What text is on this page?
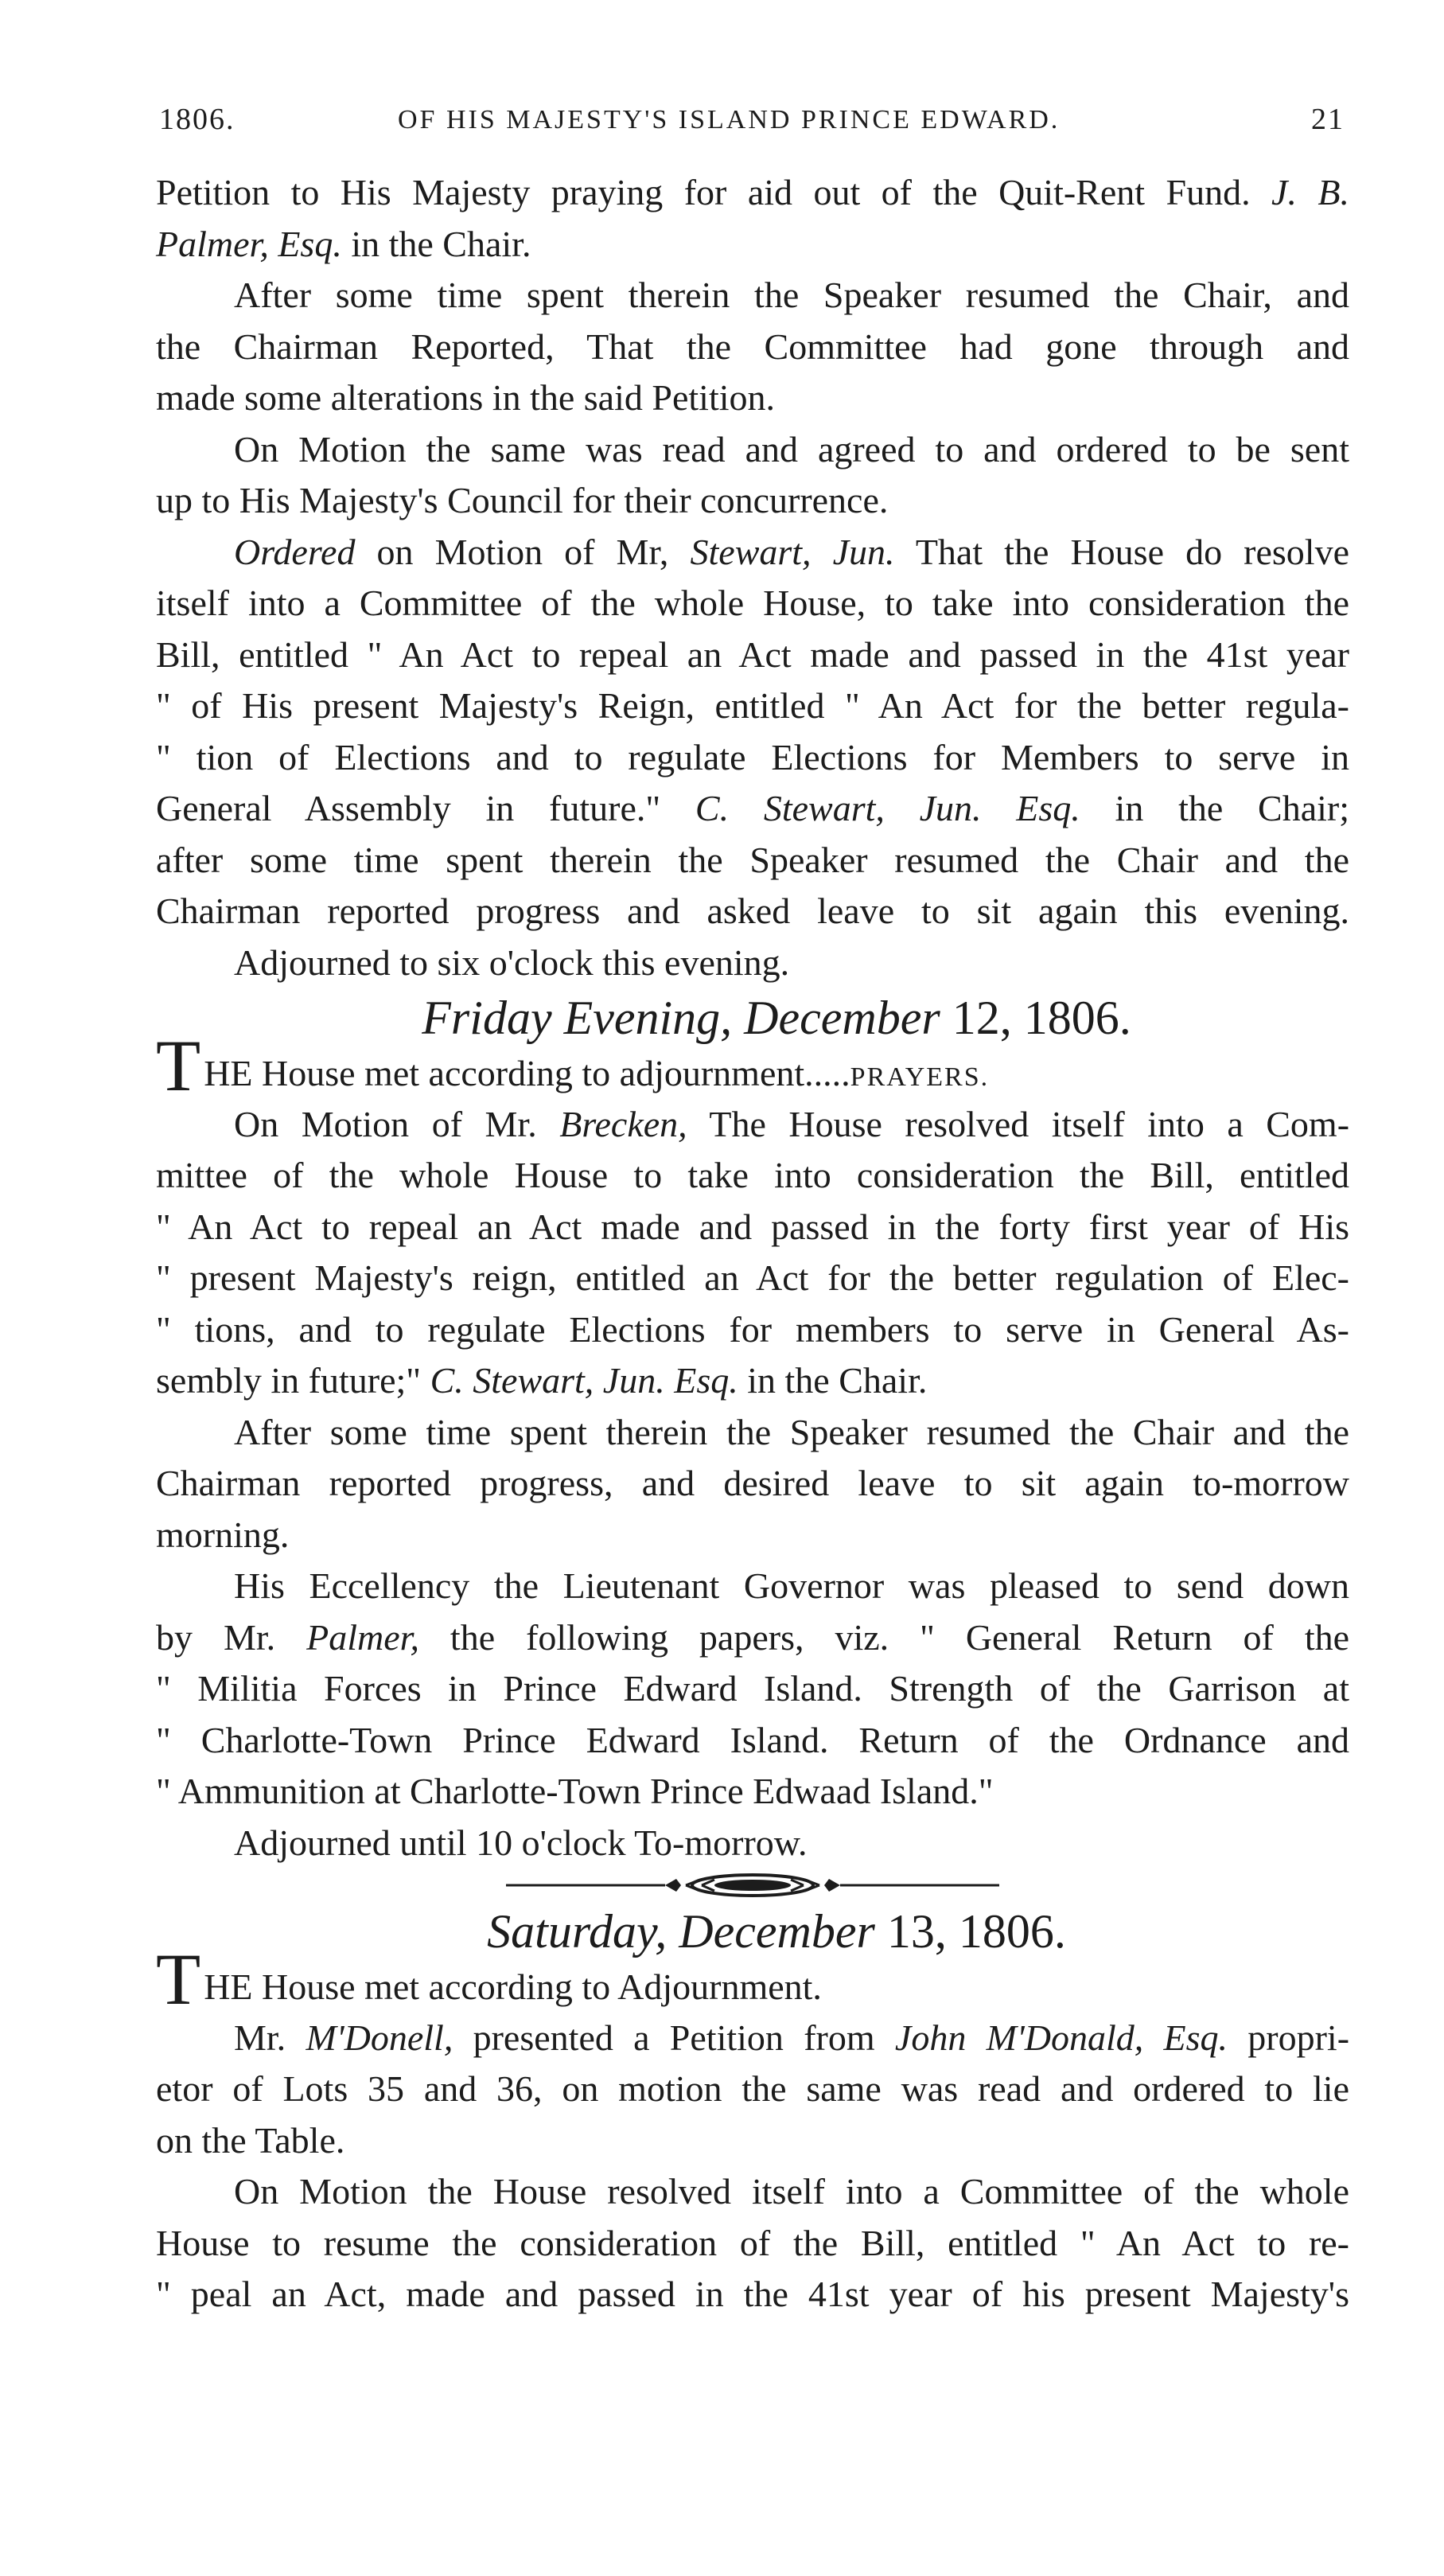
1806.	OF HIS MAJESTY'S ISLAND PRINCE EDWARD.	21
Petition to His Majesty praying for aid out of the Quit-Rent Fund. J. B.
Palmer, Esq. in the Chair.
After some time spent therein the Speaker resumed the Chair, and
the Chairman Reported, That the Committee had gone through and
made some alterations in the said Petition.
On Motion the same was read and agreed to and ordered to be sent
up to His Majesty's Council for their concurrence.
Ordered on Motion of Mr, Stewart, Jun. That the House do resolve
itself into a Committee of the whole House, to take into consideration the
Bill, entitled " An Act to repeal an Act made and passed in the 41st year
" of His present Majesty's Reign, entitled " An Act for the better regula-
" tion of Elections and to regulate Elections for Members to serve in
General Assembly in future." C. Stewart, Jun. Esq. in the Chair;
after some time spent therein the Speaker resumed the Chair and the
Chairman reported progress and asked leave to sit again this evening.
Adjourned to six o'clock this evening.
Friday Evening, December 12, 1806.
THE House met according to adjournment.....PRAYERS.
On Motion of Mr. Brecken, The House resolved itself into a Com-
mittee of the whole House to take into consideration the Bill, entitled
" An Act to repeal an Act made and passed in the forty first year of His
" present Majesty's reign, entitled an Act for the better regulation of Elec-
" tions, and to regulate Elections for members to serve in General As-
sembly in future;" C. Stewart, Jun. Esq. in the Chair.
After some time spent therein the Speaker resumed the Chair and the
Chairman reported progress, and desired leave to sit again to-morrow
morning.
His Eccellency the Lieutenant Governor was pleased to send down
by Mr. Palmer, the following papers, viz. " General Return of the
" Militia Forces in Prince Edward Island. Strength of the Garrison at
" Charlotte-Town Prince Edward Island. Return of the Ordnance and
" Ammunition at Charlotte-Town Prince Edwaad Island."
Adjourned until 10 o'clock To-morrow.
Saturday, December 13, 1806.
THE House met according to Adjournment.
Mr. M'Donell, presented a Petition from John M'Donald, Esq. propri-
etor of Lots 35 and 36, on motion the same was read and ordered to lie
on the Table.
On Motion the House resolved itself into a Committee of the whole
House to resume the consideration of the Bill, entitled " An Act to re-
" peal an Act, made and passed in the 41st year of his present Majesty's
